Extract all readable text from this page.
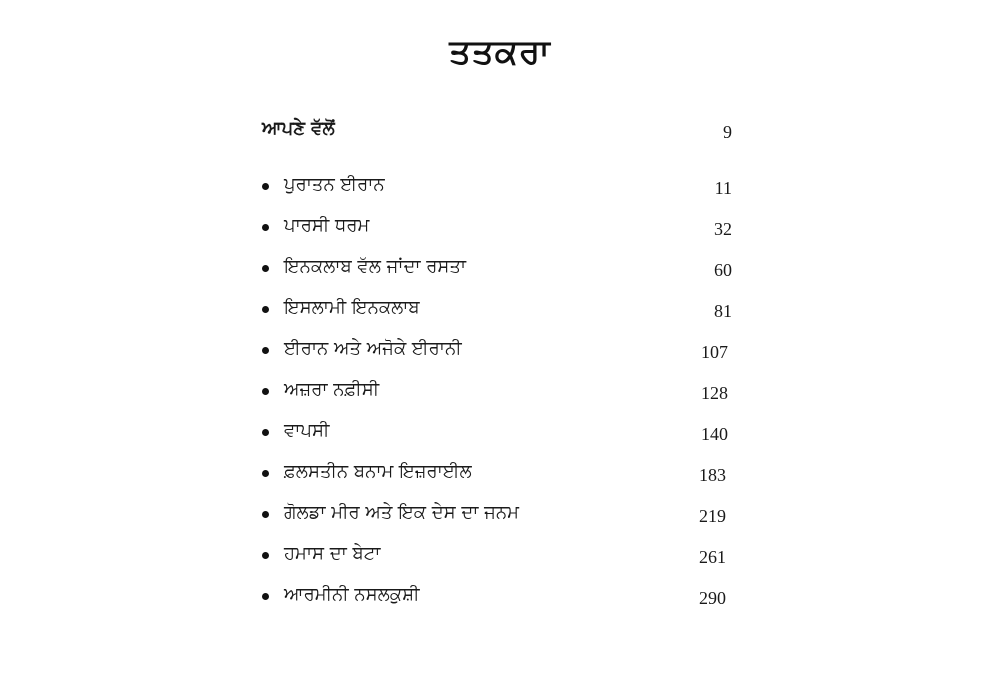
ਤਤਕਰਾ
ਆਪਣੇ ਵੱਲੋਂ	9
ਪੁਰਾਤਨ ਈਰਾਨ	11
ਪਾਰਸੀ ਧਰਮ	32
ਇਨਕਲਾਬ ਵੱਲ ਜਾਂਦਾ ਰਸਤਾ	60
ਇਸਲਾਮੀ ਇਨਕਲਾਬ	81
ਈਰਾਨ ਅਤੇ ਅਜੋਕੇ ਈਰਾਨੀ	107
ਅਜ਼ਰਾ ਨਫ਼ੀਸੀ	128
ਵਾਪਸੀ	140
ਫ਼ਲਸਤੀਨ ਬਨਾਮ ਇਜ਼ਰਾਈਲ	183
ਗੋਲਡਾ ਮੀਰ ਅਤੇ ਇਕ ਦੇਸ ਦਾ ਜਨਮ	219
ਹਮਾਸ ਦਾ ਬੇਟਾ	261
ਆਰਮੀਨੀ ਨਸਲਕੁਸ਼ੀ	290
